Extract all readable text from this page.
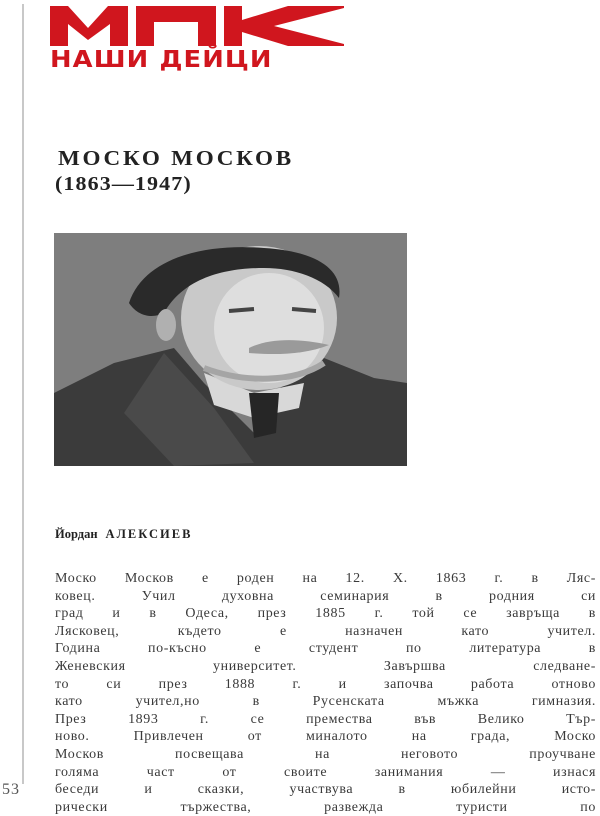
НАШИ ДЕЙЦИ
МОСКО МОСКОВ
(1863—1947)
Йордан АЛЕКСИЕВ
Моско Москов е роден на 12. X. 1863 г. в Ляс-
ковец. Учил духовна семинария в родния си
град и в Одеса, през 1885 г. той се завръща в
Лясковец, където е назначен като учител.
Година по-късно е студент по литература в
Женевския университет. Завършва следване-
то си през 1888 г. и започва работа отново
като учител,но в Русенската мъжка гимназия.
През 1893 г. се премества във Велико Тър-
ново. Привлечен от миналото на града, Моско
Москов посвещава на неговото проучване
голяма част от своите занимания — изнася
беседи и сказки, участвува в юбилейни исто-
рически тържества, развежда туристи по
53
